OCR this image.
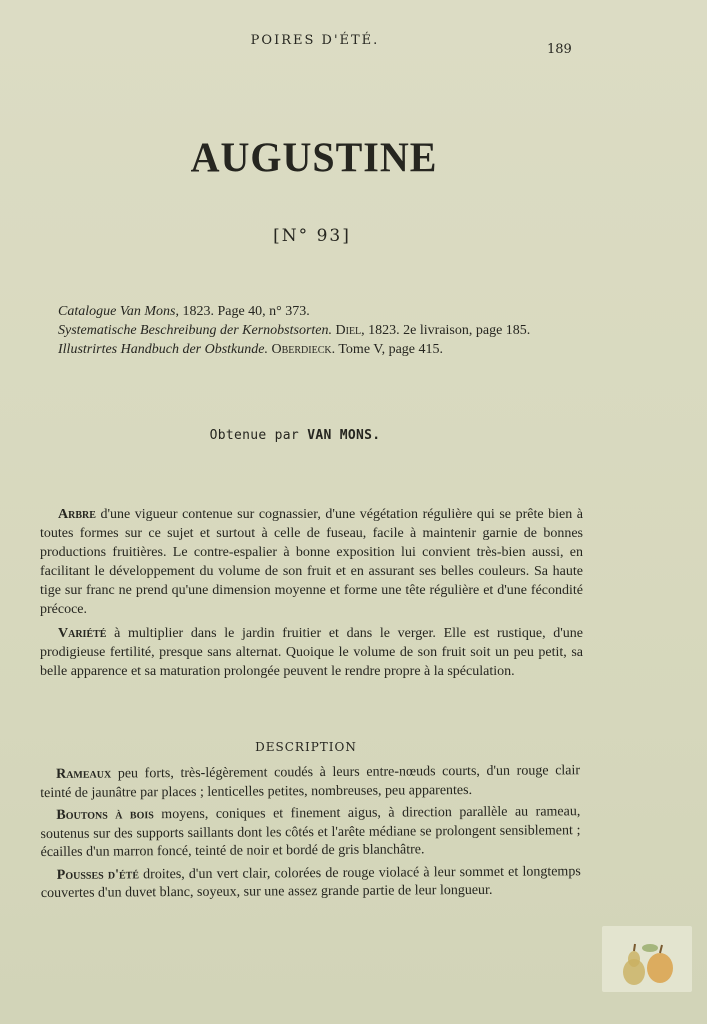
POIRES D'ÉTÉ.
189
AUGUSTINE
[N° 93]

Catalogue Van Mons, 1823. Page 40, n° 373.

Systematische Beschreibung der Kernobstsorten. Diel, 1823. 2e livraison, page 185.

Illustrirtes Handbuch der Obstkunde. Oberdieck. Tome V, page 415.

Obtenue par VAN MONS.

Arbre d'une vigueur contenue sur cognassier, d'une végétation régulière qui se prête bien à toutes formes sur ce sujet et surtout à celle de fuseau, facile à maintenir garnie de bonnes productions fruitières. Le contre-espalier à bonne exposition lui convient très-bien aussi, en facilitant le développement du volume de son fruit et en assurant ses belles couleurs. Sa haute tige sur franc ne prend qu'une dimension moyenne et forme une tête régulière et d'une fécondité précoce.

Variété à multiplier dans le jardin fruitier et dans le verger. Elle est rustique, d'une prodigieuse fertilité, presque sans alternat. Quoique le volume de son fruit soit un peu petit, sa belle apparence et sa maturation prolongée peuvent le rendre propre à la spéculation.

DESCRIPTION

Rameaux peu forts, très-légèrement coudés à leurs entre-nœuds courts, d'un rouge clair teinté de jaunâtre par places ; lenticelles petites, nombreuses, peu apparentes.

Boutons à bois moyens, coniques et finement aigus, à direction parallèle au rameau, soutenus sur des supports saillants dont les côtés et l'arête médiane se prolongent sensiblement ; écailles d'un marron foncé, teinté de noir et bordé de gris blanchâtre.

Pousses d'été droites, d'un vert clair, colorées de rouge violacé à leur sommet et longtemps couvertes d'un duvet blanc, soyeux, sur une assez grande partie de leur longueur.
